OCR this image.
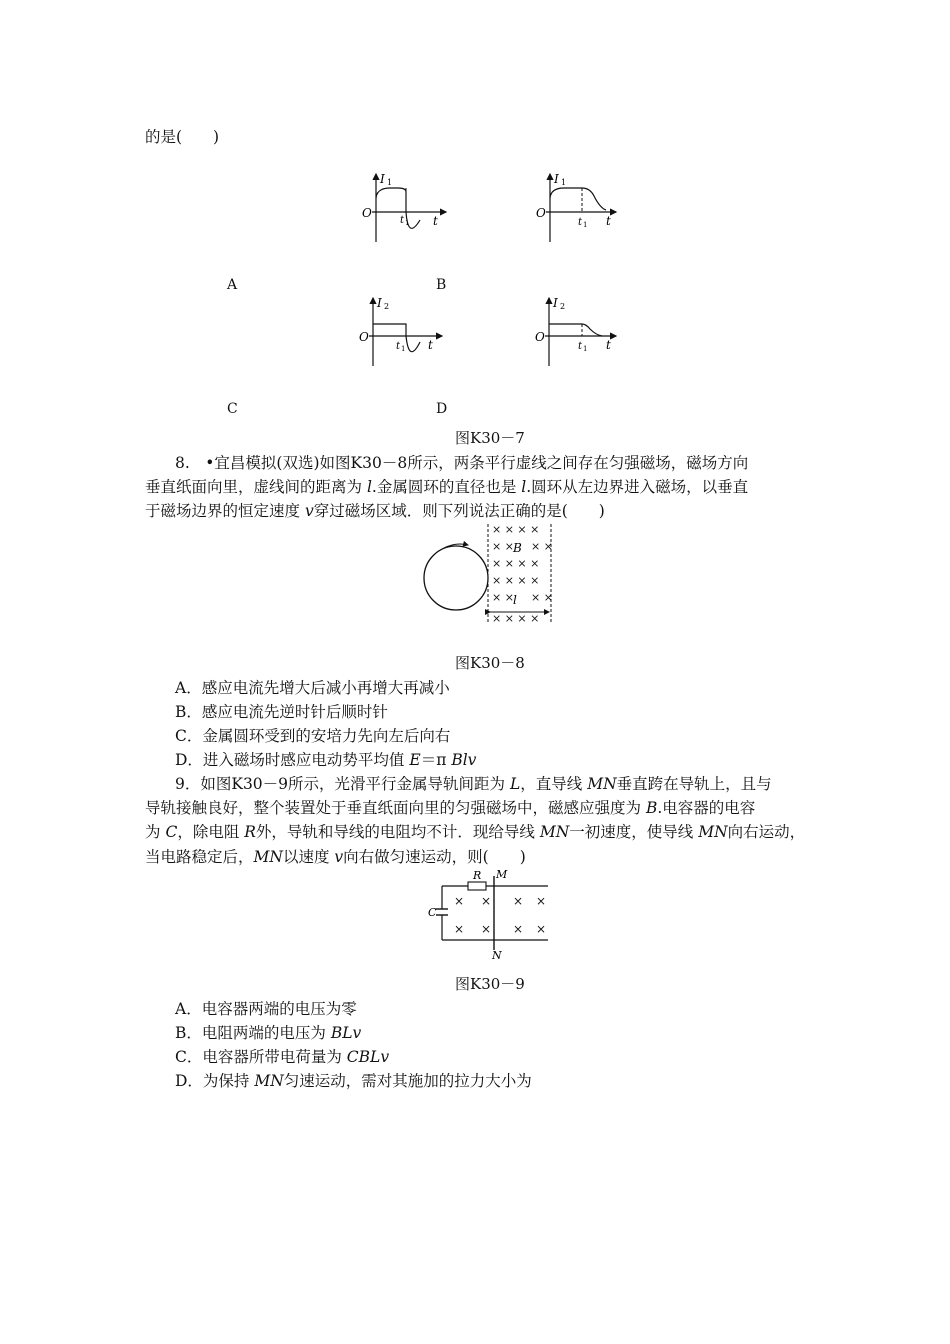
的是(　　)
I 1
O
t 1 t
I 1
O
t 1 t
A	B
I 2
O
t 1 t
I 2
O
t 1 t
C	D
图K30－7
8.　•宜昌模拟(双选)如图K30－8所示，两条平行虚线之间存在匀强磁场，磁场方向
垂直纸面向里，虚线间的距离为 l.金属圆环的直径也是 l.圆环从左边界进入磁场，以垂直
于磁场边界的恒定速度 v穿过磁场区域．则下列说法正确的是(　　)
× × × ×
× × × ×
× × × ×
× × × ×
× × × ×
× × × ×
B
l
图K30－8
A．感应电流先增大后减小再增大再减小
B．感应电流先逆时针后顺时针
C．金属圆环受到的安培力先向左后向右
D．进入磁场时感应电动势平均值 E＝π Blv
9．如图K30－9所示，光滑平行金属导轨间距为 L，直导线 MN垂直跨在导轨上，且与
导轨接触良好，整个装置处于垂直纸面向里的匀强磁场中，磁感应强度为 B.电容器的电容
为 C，除电阻 R外，导轨和导线的电阻均不计．现给导线 MN一初速度，使导线 MN向右运动，
当电路稳定后，MN以速度 v向右做匀速运动，则(　　)
× × × ×
× × × ×
R M
N
C
图K30－9
A．电容器两端的电压为零
B．电阻两端的电压为 BLv
C．电容器所带电荷量为 CBLv
D．为保持 MN匀速运动，需对其施加的拉力大小为
